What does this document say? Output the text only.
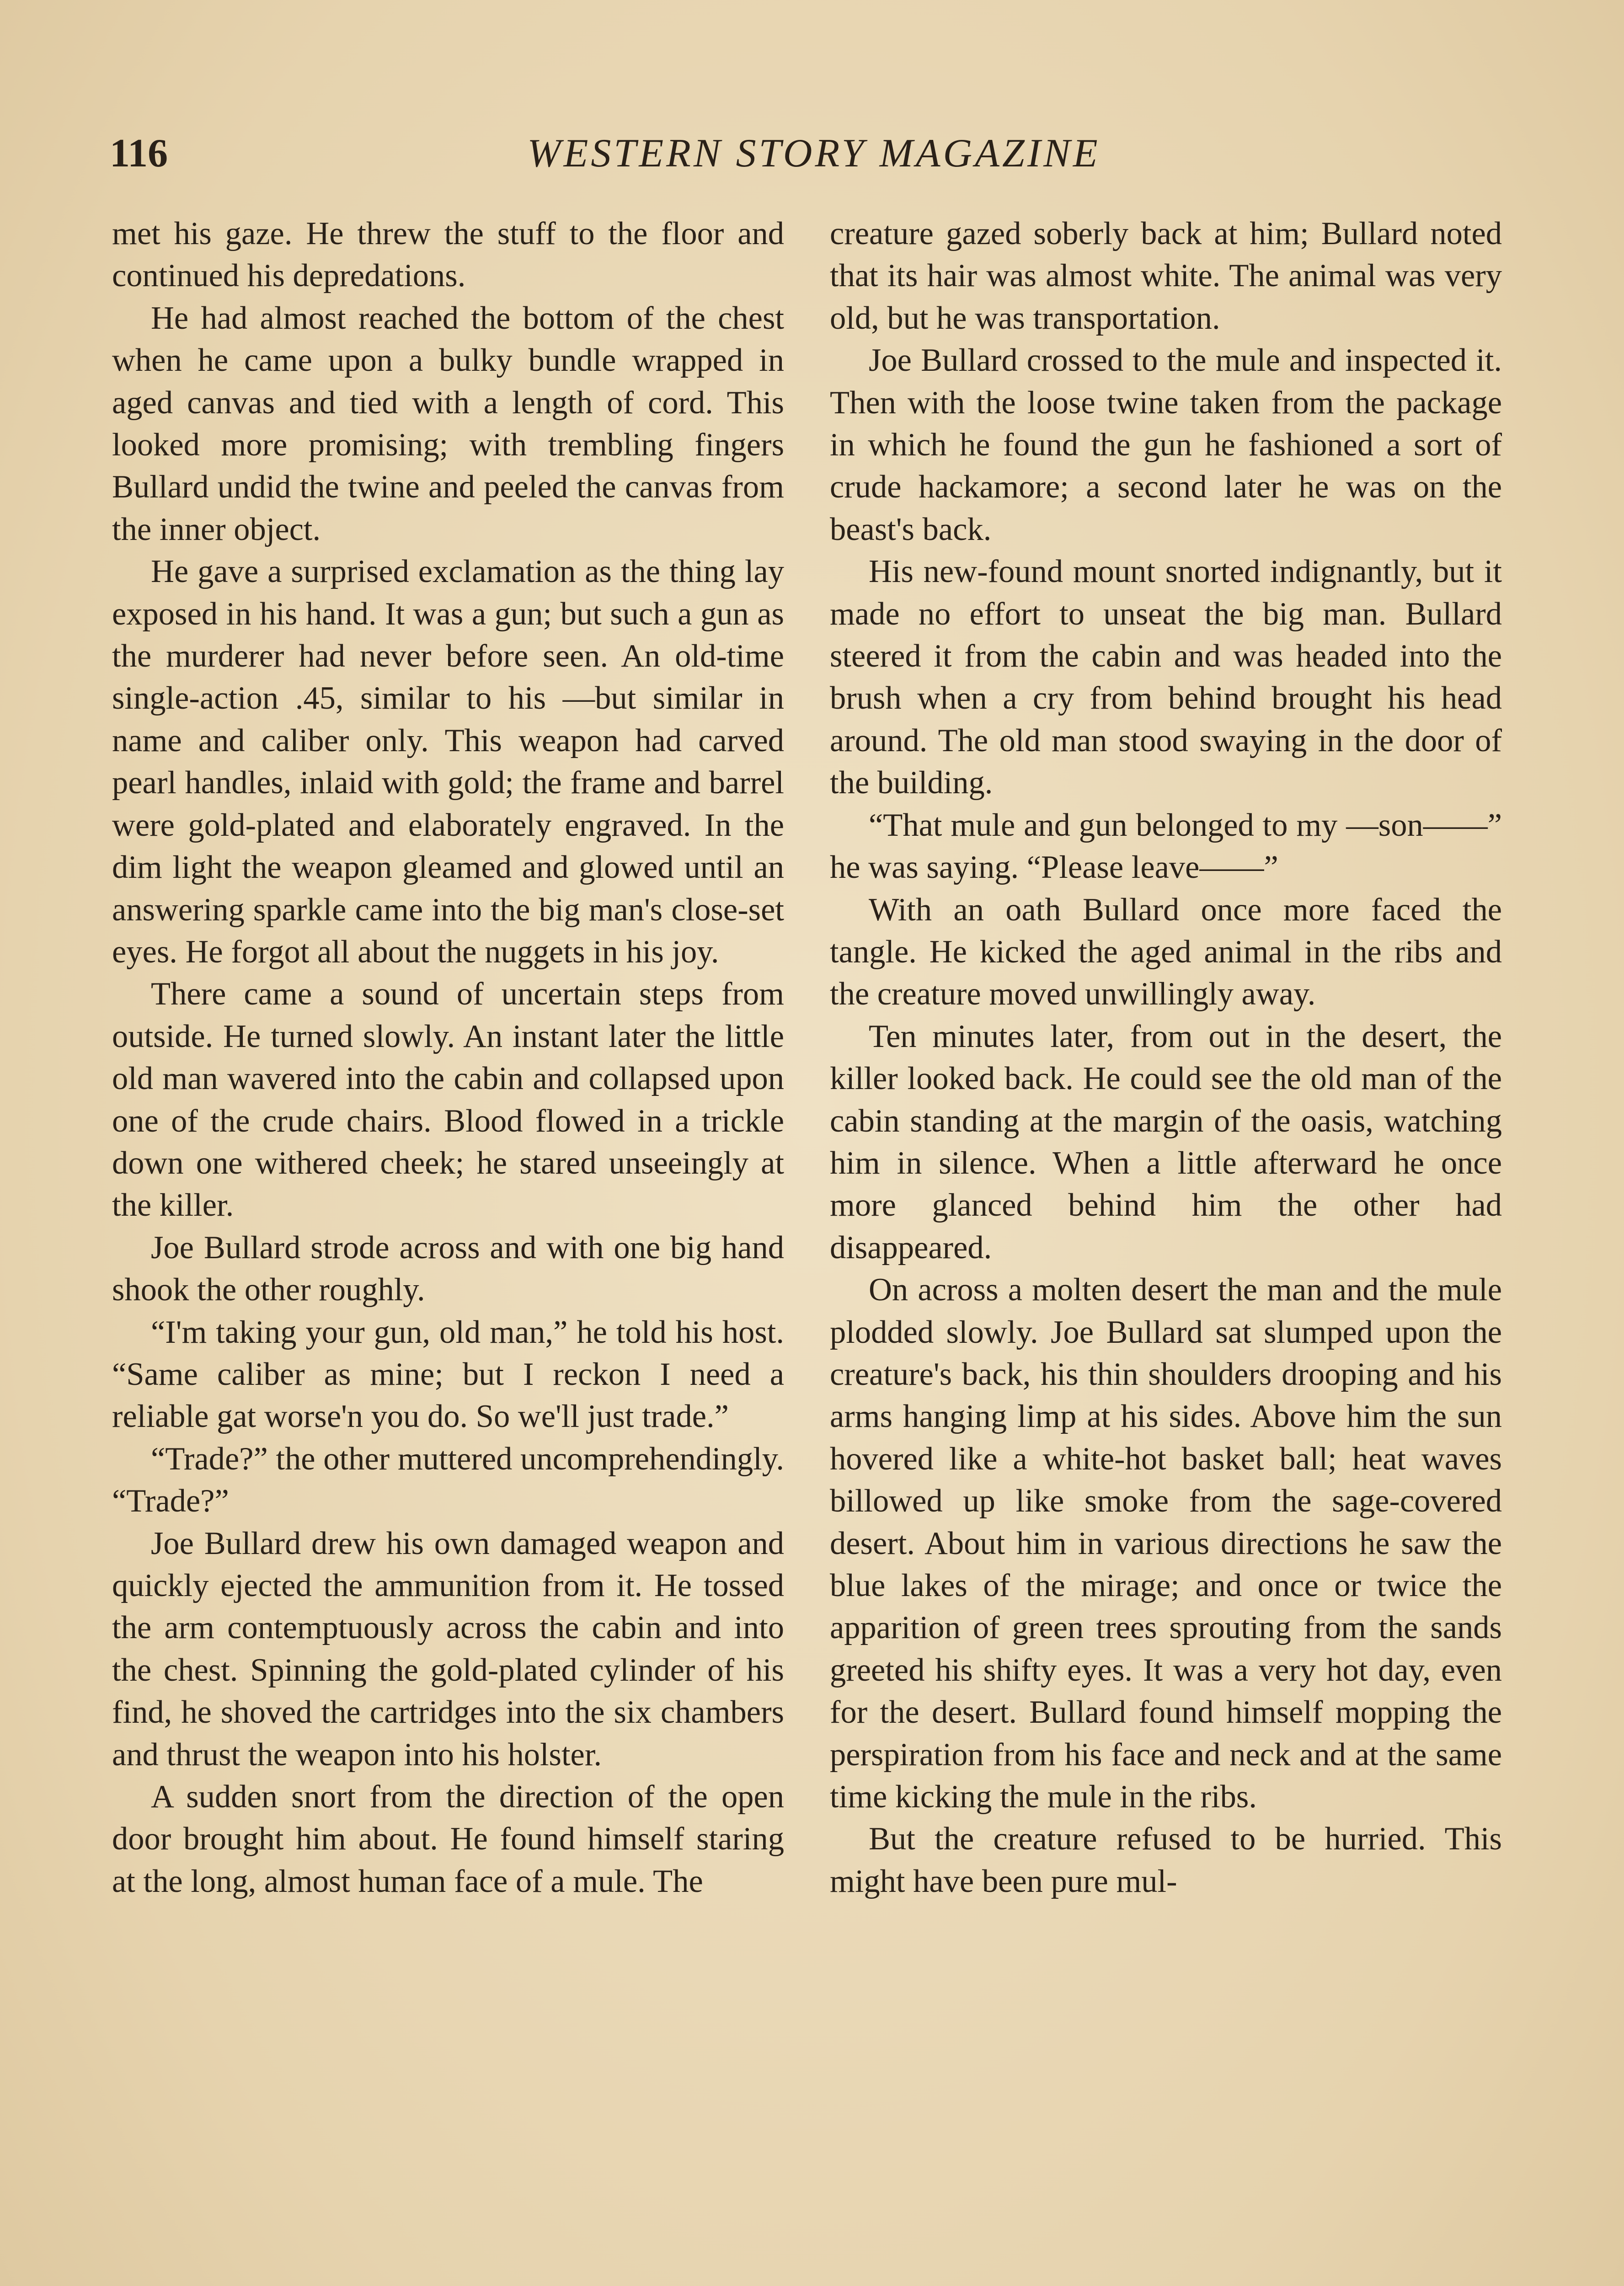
116	WESTERN STORY MAGAZINE

met his gaze. He threw the stuff to the floor and continued his depredations.

He had almost reached the bottom of the chest when he came upon a bulky bundle wrapped in aged canvas and tied with a length of cord. This looked more promising; with trembling fingers Bullard undid the twine and peeled the canvas from the inner object.

He gave a surprised exclamation as the thing lay exposed in his hand. It was a gun; but such a gun as the murderer had never before seen. An old-time single-action .45, similar to his —but similar in name and caliber only. This weapon had carved pearl handles, inlaid with gold; the frame and barrel were gold-plated and elaborately engraved. In the dim light the weapon gleamed and glowed until an answering sparkle came into the big man's close-set eyes. He forgot all about the nuggets in his joy.

There came a sound of uncertain steps from outside. He turned slowly. An instant later the little old man wavered into the cabin and collapsed upon one of the crude chairs. Blood flowed in a trickle down one withered cheek; he stared unseeingly at the killer.

Joe Bullard strode across and with one big hand shook the other roughly.

“I'm taking your gun, old man,” he told his host. “Same caliber as mine; but I reckon I need a reliable gat worse'n you do. So we'll just trade.”

“Trade?” the other muttered uncomprehendingly. “Trade?”

Joe Bullard drew his own damaged weapon and quickly ejected the ammunition from it. He tossed the arm contemptuously across the cabin and into the chest. Spinning the gold-plated cylinder of his find, he shoved the cartridges into the six chambers and thrust the weapon into his holster.

A sudden snort from the direction of the open door brought him about. He found himself staring at the long, almost human face of a mule. The

creature gazed soberly back at him; Bullard noted that its hair was almost white. The animal was very old, but he was transportation.

Joe Bullard crossed to the mule and inspected it. Then with the loose twine taken from the package in which he found the gun he fashioned a sort of crude hackamore; a second later he was on the beast's back.

His new-found mount snorted indignantly, but it made no effort to unseat the big man. Bullard steered it from the cabin and was headed into the brush when a cry from behind brought his head around. The old man stood swaying in the door of the building.

“That mule and gun belonged to my —son——” he was saying. “Please leave——”

With an oath Bullard once more faced the tangle. He kicked the aged animal in the ribs and the creature moved unwillingly away.

Ten minutes later, from out in the desert, the killer looked back. He could see the old man of the cabin standing at the margin of the oasis, watching him in silence. When a little afterward he once more glanced behind him the other had disappeared.

On across a molten desert the man and the mule plodded slowly. Joe Bullard sat slumped upon the creature's back, his thin shoulders drooping and his arms hanging limp at his sides. Above him the sun hovered like a white-hot basket ball; heat waves billowed up like smoke from the sage-covered desert. About him in various directions he saw the blue lakes of the mirage; and once or twice the apparition of green trees sprouting from the sands greeted his shifty eyes. It was a very hot day, even for the desert. Bullard found himself mopping the perspiration from his face and neck and at the same time kicking the mule in the ribs.

But the creature refused to be hurried. This might have been pure mul-
